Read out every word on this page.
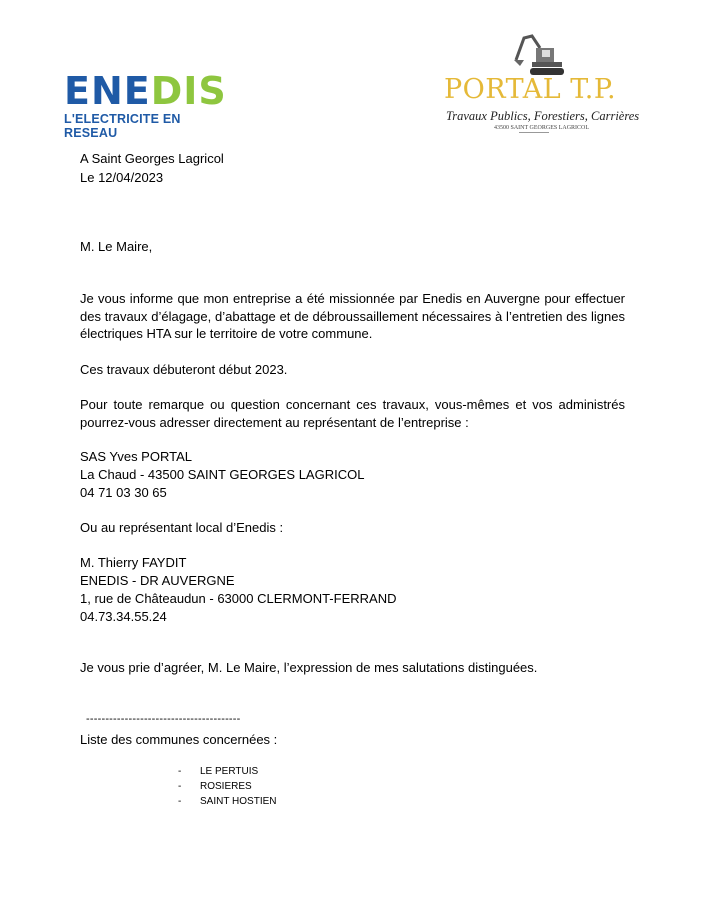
ENEDIS
L'ELECTRICITE EN RESEAU
PORTAL T.P.
Travaux Publics, Forestiers, Carrières
43500 SAINT GEORGES LAGRICOL
A Saint Georges Lagricol
Le 12/04/2023
M. Le Maire,
Je vous informe que mon entreprise a été missionnée par Enedis en Auvergne pour effectuer des travaux d’élagage, d’abattage et de débroussaillement nécessaires à l’entretien des lignes électriques HTA sur le territoire de votre commune.
Ces travaux débuteront début 2023.
Pour toute remarque ou question concernant ces travaux, vous-mêmes et vos administrés pourrez-vous adresser directement au représentant de l’entreprise :
SAS Yves PORTAL
La Chaud - 43500 SAINT GEORGES LAGRICOL
04 71 03 30 65
Ou au représentant local d’Enedis :
M. Thierry FAYDIT
ENEDIS - DR AUVERGNE
1, rue de Châteaudun - 63000 CLERMONT-FERRAND
04.73.34.55.24
Je vous prie d’agréer, M. Le Maire, l’expression de mes salutations distinguées.
----------------------------------------
Liste des communes concernées :
- LE PERTUIS
- ROSIERES
- SAINT HOSTIEN
